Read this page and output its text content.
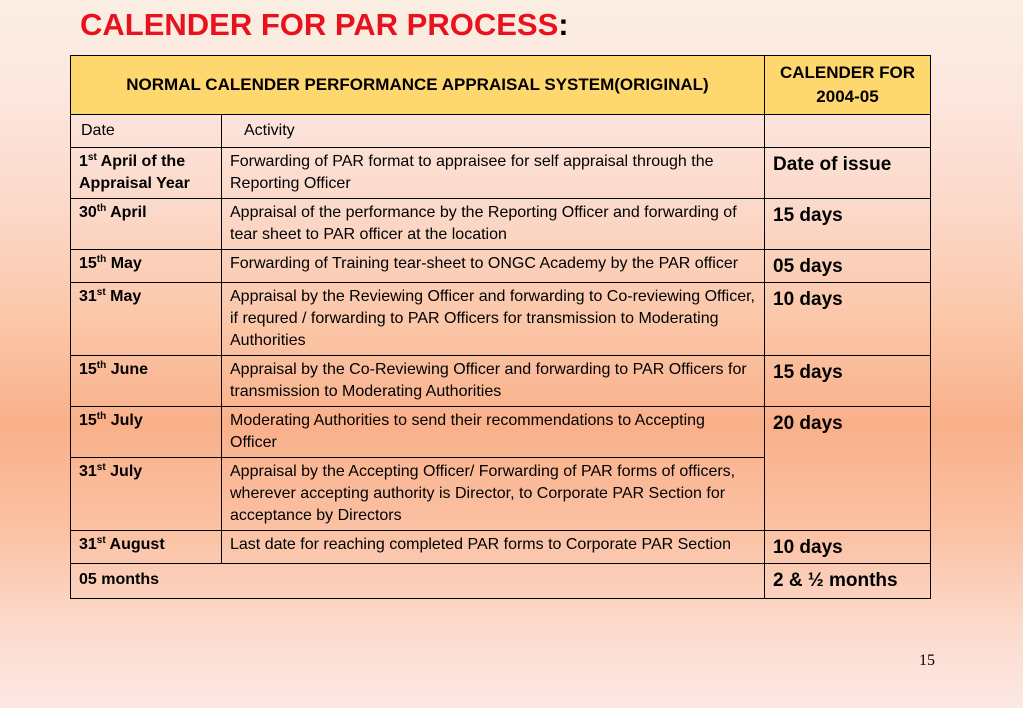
CALENDER FOR PAR PROCESS:
NORMAL CALENDER PERFORMANCE APPRAISAL SYSTEM(ORIGINAL)		CALENDER FOR 2004-05
Date	Activity	
1st April of the Appraisal Year	Forwarding of PAR format to appraisee for self appraisal through the Reporting Officer	Date of issue
30th April	Appraisal of the performance by the Reporting Officer and forwarding of tear sheet to PAR officer at the location	15 days
15th May	Forwarding of Training tear-sheet to ONGC Academy by the PAR officer	05 days
31st May	Appraisal by the Reviewing Officer and forwarding to Co-reviewing Officer, if requred / forwarding to PAR Officers for transmission to Moderating Authorities	10 days
15th June	Appraisal by the Co-Reviewing Officer and forwarding to PAR Officers for transmission to Moderating Authorities	15 days
15th July	Moderating Authorities to send their recommendations to Accepting Officer	20 days
31st July	Appraisal by the Accepting Officer/ Forwarding of PAR forms of officers, wherever accepting authority is Director, to Corporate PAR Section for acceptance by Directors	
31st August	Last date for reaching completed PAR forms to Corporate PAR Section	10 days
05 months		2 & ½ months
15
